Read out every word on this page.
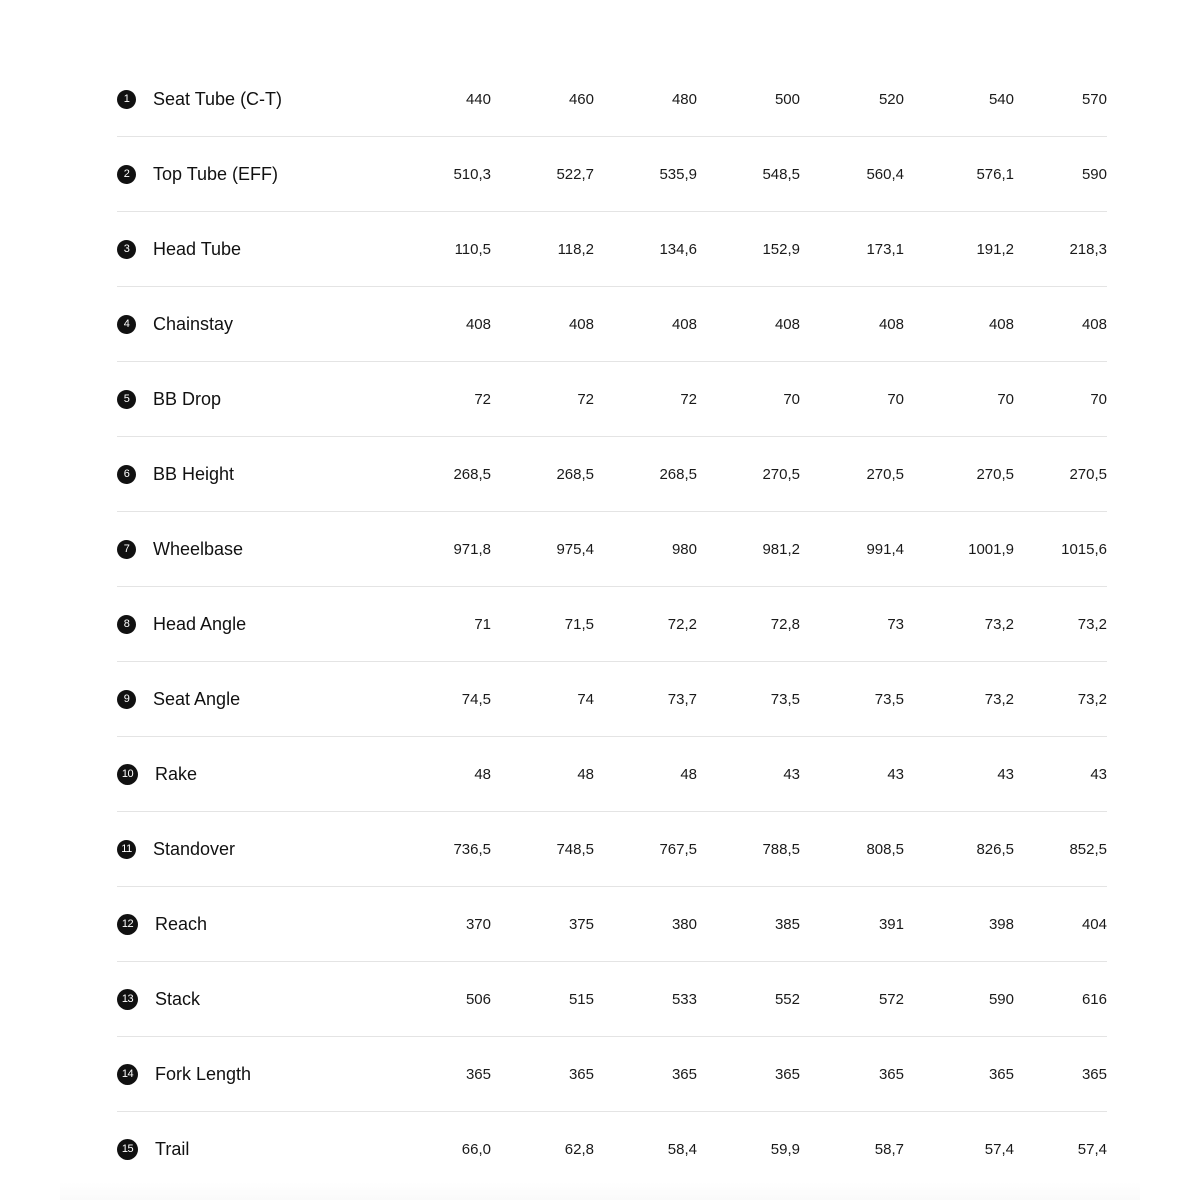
1	Seat Tube (C-T)	440	460	480	500	520	540	570
2	Top Tube (EFF)	510,3	522,7	535,9	548,5	560,4	576,1	590
3	Head Tube	110,5	118,2	134,6	152,9	173,1	191,2	218,3
4	Chainstay	408	408	408	408	408	408	408
5	BB Drop	72	72	72	70	70	70	70
6	BB Height	268,5	268,5	268,5	270,5	270,5	270,5	270,5
7	Wheelbase	971,8	975,4	980	981,2	991,4	1001,9	1015,6
8	Head Angle	71	71,5	72,2	72,8	73	73,2	73,2
9	Seat Angle	74,5	74	73,7	73,5	73,5	73,2	73,2
10 Rake	48	48	48	43	43	43	43
11 Standover	736,5	748,5	767,5	788,5	808,5	826,5	852,5
12 Reach	370	375	380	385	391	398	404
13 Stack	506	515	533	552	572	590	616
14 Fork Length	365	365	365	365	365	365	365
15 Trail	66,0	62,8	58,4	59,9	58,7	57,4	57,4
